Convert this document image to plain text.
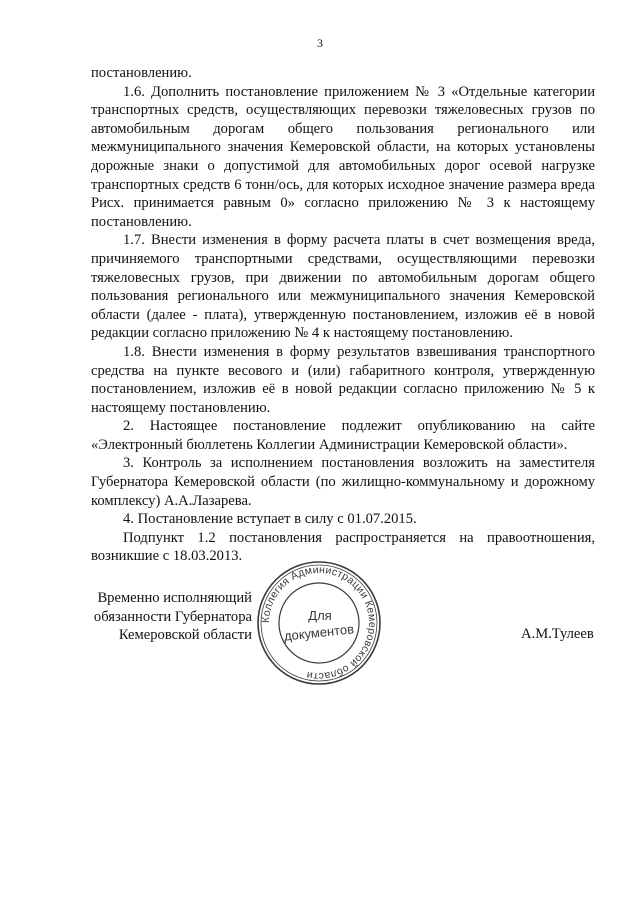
3

постановлению.

1.6. Дополнить постановление приложением № 3 «Отдельные категории транспортных средств, осуществляющих перевозки тяжеловесных грузов по автомобильным дорогам общего пользования регионального или межмуниципального значения Кемеровской области, на которых установлены дорожные знаки о допустимой для автомобильных дорог осевой нагрузке транспортных средств 6 тонн/ось, для которых исходное значение размера вреда Рисх. принимается равным 0» согласно приложению № 3 к настоящему постановлению.

1.7. Внести изменения в форму расчета платы в счет возмещения вреда, причиняемого транспортными средствами, осуществляющими перевозки тяжеловесных грузов, при движении по автомобильным дорогам общего пользования регионального или межмуниципального значения Кемеровской области (далее - плата), утвержденную постановлением, изложив её в новой редакции согласно приложению № 4 к настоящему постановлению.

1.8. Внести изменения в форму результатов взвешивания транспортного средства на пункте весового и (или) габаритного контроля, утвержденную постановлением, изложив её в новой редакции согласно приложению № 5 к настоящему постановлению.

2. Настоящее постановление подлежит опубликованию на сайте «Электронный бюллетень Коллегии Администрации Кемеровской области».

3. Контроль за исполнением постановления возложить на заместителя Губернатора Кемеровской области (по жилищно-коммунальному и дорожному комплексу) А.А.Лазарева.

4. Постановление вступает в силу с 01.07.2015.

Подпункт 1.2 постановления распространяется на правоотношения, возникшие с 18.03.2013.

Временно исполняющий
обязанности Губернатора
Кемеровской области	А.М.Тулеев
Коллегия Администрации Кемеровской области
Для
документов
